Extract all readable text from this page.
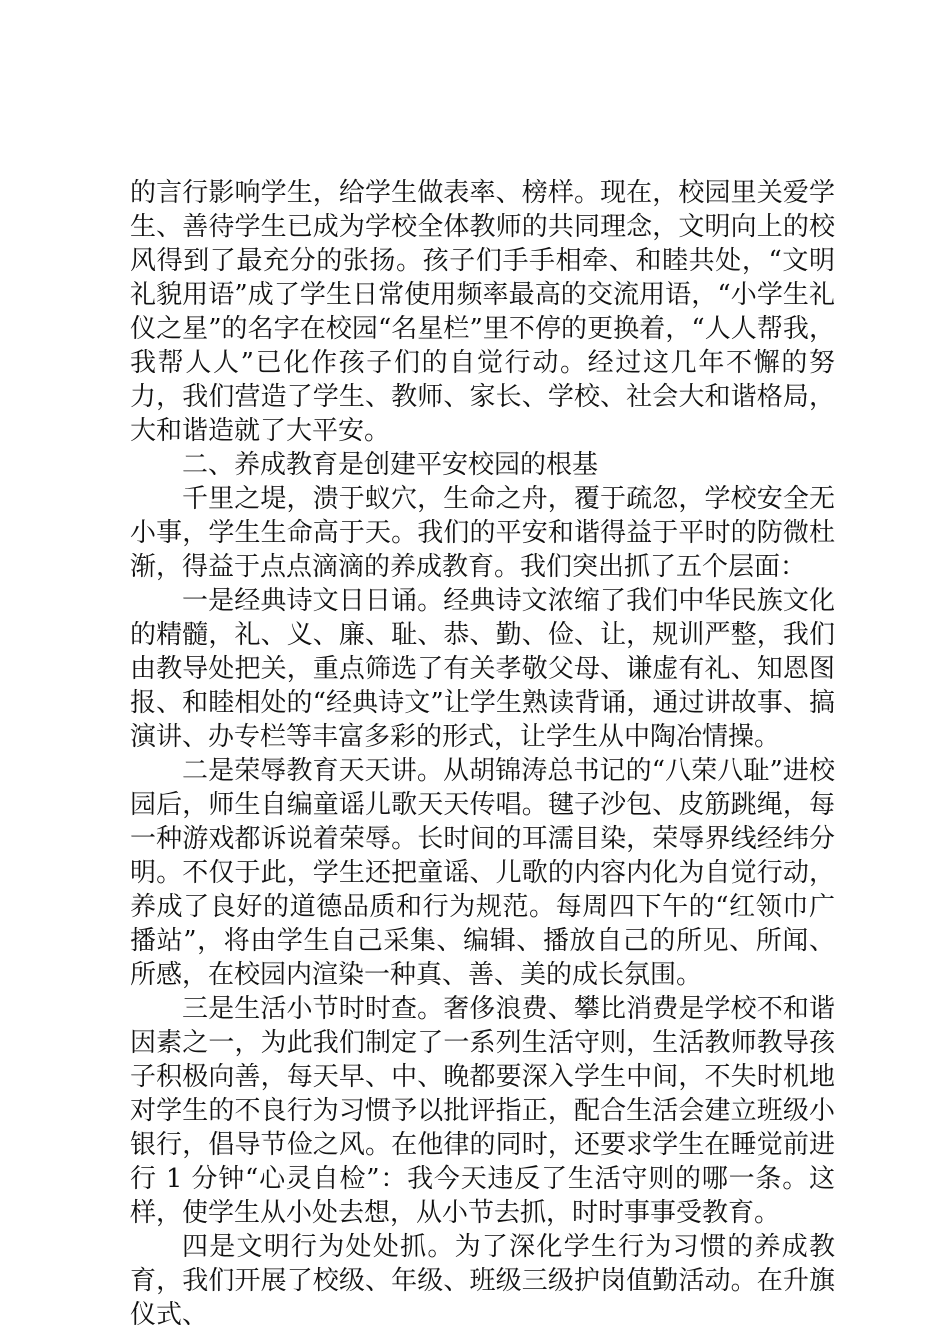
的言行影响学生，给学生做表率、榜样。现在，校园里关爱学生、善待学生已成为学校全体教师的共同理念，文明向上的校风得到了最充分的张扬。孩子们手手相牵、和睦共处，“文明礼貌用语”成了学生日常使用频率最高的交流用语，“小学生礼仪之星”的名字在校园“名星栏”里不停的更换着，“人人帮我，我帮人人”已化作孩子们的自觉行动。经过这几年不懈的努力，我们营造了学生、教师、家长、学校、社会大和谐格局，大和谐造就了大平安。

二、养成教育是创建平安校园的根基

千里之堤，溃于蚁穴，生命之舟，覆于疏忽，学校安全无小事，学生生命高于天。我们的平安和谐得益于平时的防微杜渐，得益于点点滴滴的养成教育。我们突出抓了五个层面：

一是经典诗文日日诵。经典诗文浓缩了我们中华民族文化的精髓，礼、义、廉、耻、恭、勤、俭、让，规训严整，我们由教导处把关，重点筛选了有关孝敬父母、谦虚有礼、知恩图报、和睦相处的“经典诗文”让学生熟读背诵，通过讲故事、搞演讲、办专栏等丰富多彩的形式，让学生从中陶冶情操。

二是荣辱教育天天讲。从胡锦涛总书记的“八荣八耻”进校园后，师生自编童谣儿歌天天传唱。毽子沙包、皮筋跳绳，每一种游戏都诉说着荣辱。长时间的耳濡目染，荣辱界线经纬分明。不仅于此，学生还把童谣、儿歌的内容内化为自觉行动，养成了良好的道德品质和行为规范。每周四下午的“红领巾广播站”，将由学生自己采集、编辑、播放自己的所见、所闻、所感，在校园内渲染一种真、善、美的成长氛围。

三是生活小节时时查。奢侈浪费、攀比消费是学校不和谐因素之一，为此我们制定了一系列生活守则，生活教师教导孩子积极向善，每天早、中、晚都要深入学生中间，不失时机地对学生的不良行为习惯予以批评指正，配合生活会建立班级小银行，倡导节俭之风。在他律的同时，还要求学生在睡觉前进行 1 分钟“心灵自检”：我今天违反了生活守则的哪一条。这样，使学生从小处去想，从小节去抓，时时事事受教育。

四是文明行为处处抓。为了深化学生行为习惯的养成教育，我们开展了校级、年级、班级三级护岗值勤活动。在升旗仪式、
